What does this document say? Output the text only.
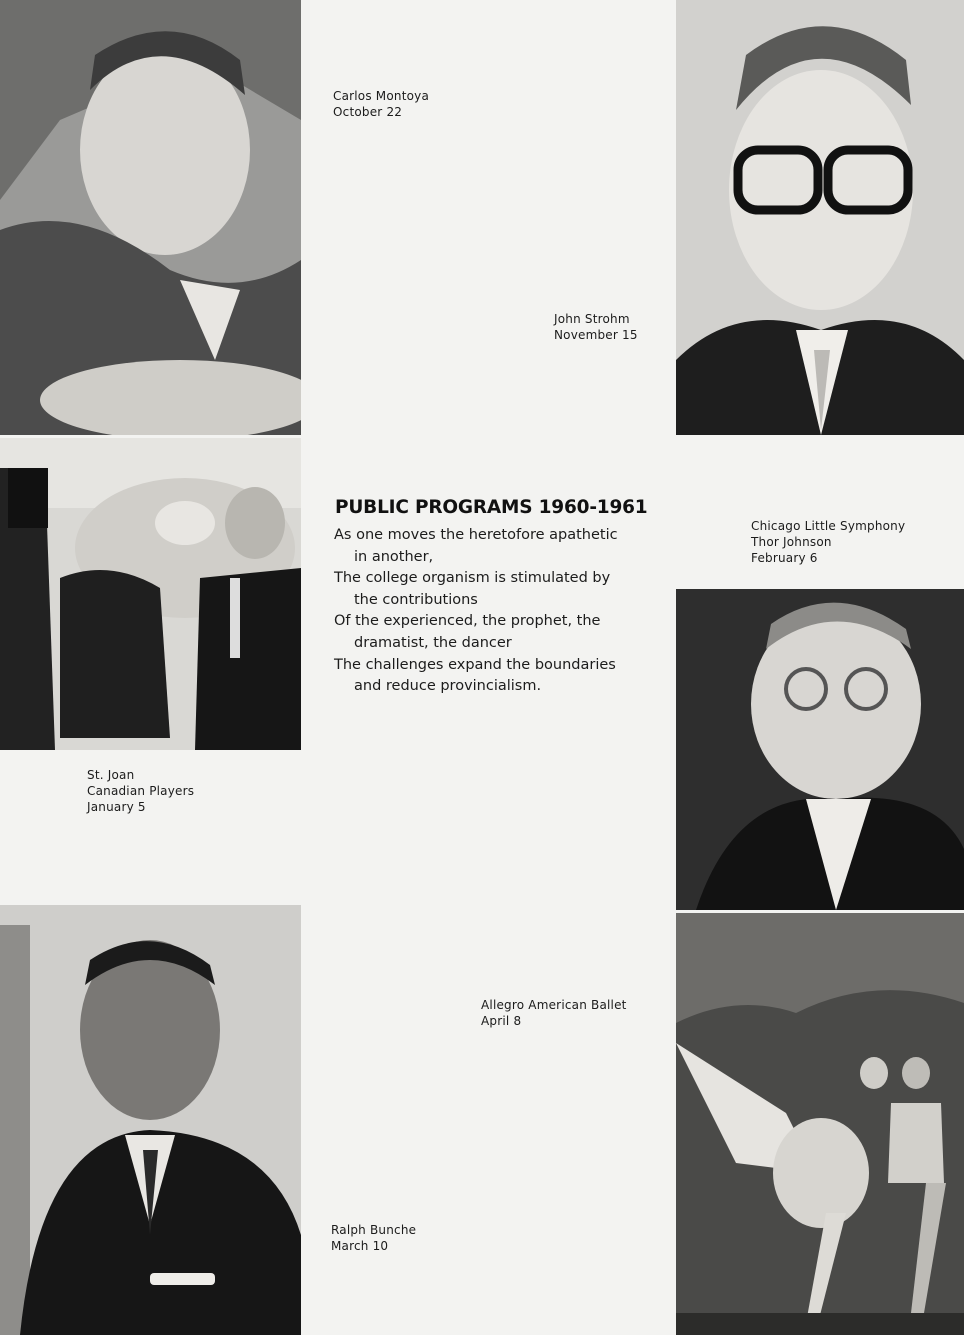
Carlos Montoya
October 22
John Strohm
November 15
Chicago Little Symphony
Thor Johnson
February 6
St. Joan
Canadian Players
January 5
Allegro American Ballet
April 8
Ralph Bunche
March 10
PUBLIC PROGRAMS 1960-1961
As one moves the heretofore apathetic
in another,
The college organism is stimulated by
the contributions
Of the experienced, the prophet, the
dramatist, the dancer
The challenges expand the boundaries
and reduce provincialism.
